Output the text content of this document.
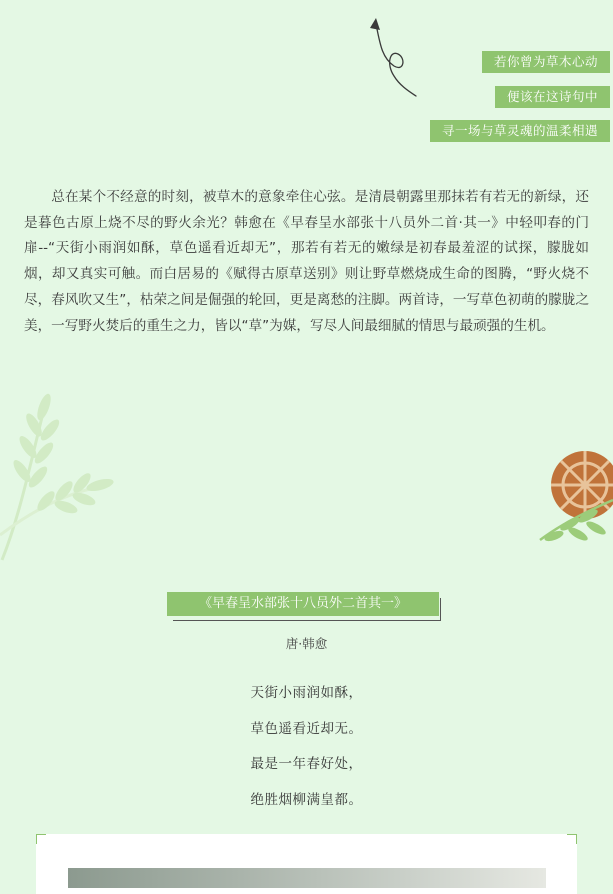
若你曾为草木心动
便该在这诗句中
寻一场与草灵魂的温柔相遇

总在某个不经意的时刻，被草木的意象牵住心弦。是清晨朝露里那抹若有若无的新绿，还是暮色古原上烧不尽的野火余光？韩愈在《早春呈水部张十八员外二首·其一》中轻叩春的门扉--“天街小雨润如酥，草色遥看近却无”，那若有若无的嫩绿是初春最羞涩的试探，朦胧如烟，却又真实可触。而白居易的《赋得古原草送别》则让野草燃烧成生命的图腾，“野火烧不尽，春风吹又生”，枯荣之间是倔强的轮回，更是离愁的注脚。两首诗，一写草色初萌的朦胧之美，一写野火焚后的重生之力，皆以“草”为媒，写尽人间最细腻的情思与最顽强的生机。

《早春呈水部张十八员外二首其一》
唐·韩愈
天街小雨润如酥，
草色遥看近却无。
最是一年春好处，
绝胜烟柳满皇都。
